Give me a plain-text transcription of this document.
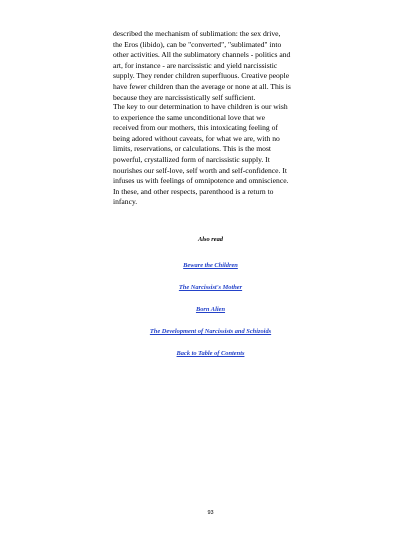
described the mechanism of sublimation: the sex drive,
the Eros (libido), can be "converted", "sublimated" into
other activities. All the sublimatory channels - politics and
art, for instance - are narcissistic and yield narcissistic
supply. They render children superfluous. Creative people
have fewer children than the average or none at all. This is
because they are narcissistically self sufficient.

The key to our determination to have children is our wish
to experience the same unconditional love that we
received from our mothers, this intoxicating feeling of
being adored without caveats, for what we are, with no
limits, reservations, or calculations. This is the most
powerful, crystallized form of narcissistic supply. It
nourishes our self-love, self worth and self-confidence. It
infuses us with feelings of omnipotence and omniscience.
In these, and other respects, parenthood is a return to
infancy.

Also read
Beware the Children
The Narcissist's Mother
Born Alien
The Development of Narcissists and Schizoids
Back to Table of Contents
93
